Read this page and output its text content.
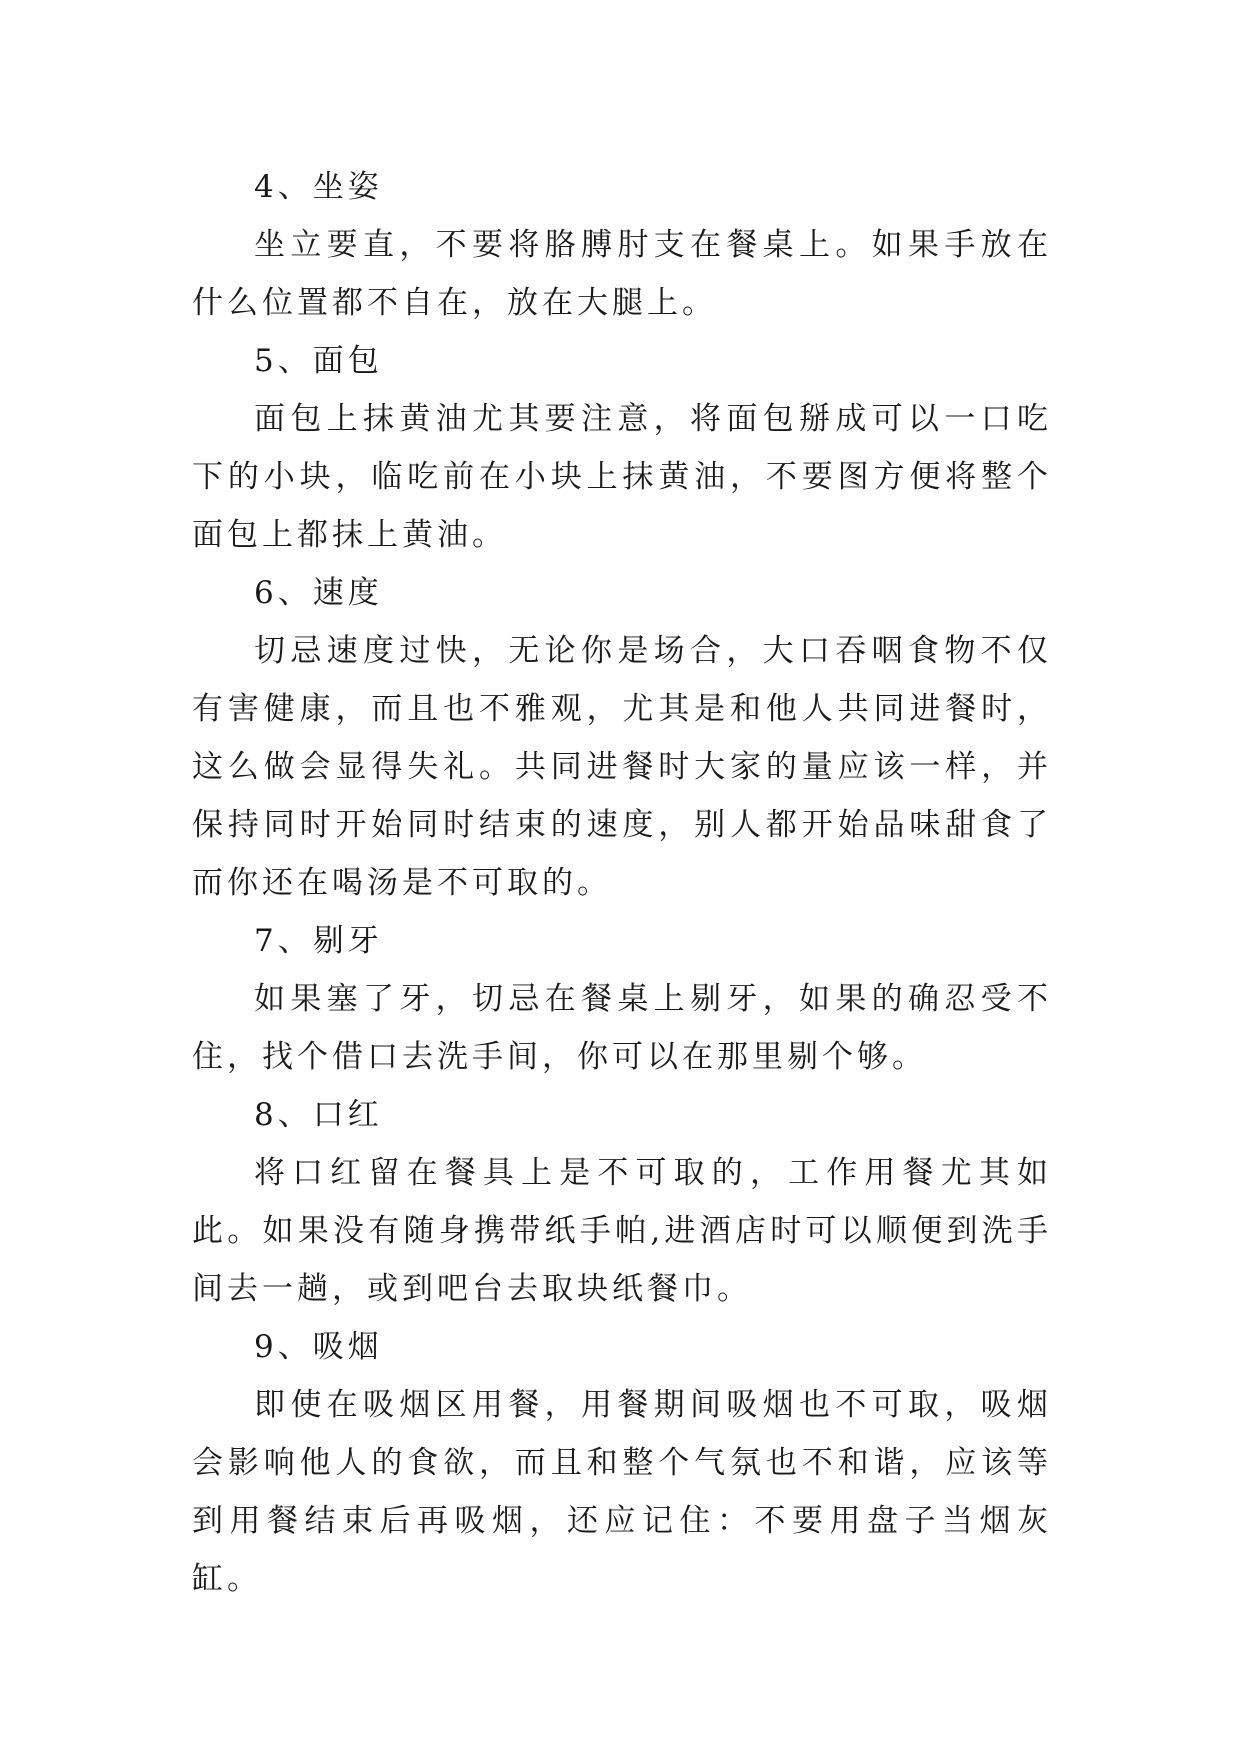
4、坐姿

坐立要直，不要将胳膊肘支在餐桌上。如果手放在什么位置都不自在，放在大腿上。

5、面包

面包上抹黄油尤其要注意，将面包掰成可以一口吃下的小块，临吃前在小块上抹黄油，不要图方便将整个面包上都抹上黄油。

6、速度

切忌速度过快，无论你是场合，大口吞咽食物不仅有害健康，而且也不雅观，尤其是和他人共同进餐时，这么做会显得失礼。共同进餐时大家的量应该一样，并保持同时开始同时结束的速度，别人都开始品味甜食了而你还在喝汤是不可取的。

7、剔牙

如果塞了牙，切忌在餐桌上剔牙，如果的确忍受不住，找个借口去洗手间，你可以在那里剔个够。

8、口红

将口红留在餐具上是不可取的，工作用餐尤其如此。如果没有随身携带纸手帕,进酒店时可以顺便到洗手间去一趟，或到吧台去取块纸餐巾。

9、吸烟

即使在吸烟区用餐，用餐期间吸烟也不可取，吸烟会影响他人的食欲，而且和整个气氛也不和谐，应该等到用餐结束后再吸烟，还应记住：不要用盘子当烟灰缸。
